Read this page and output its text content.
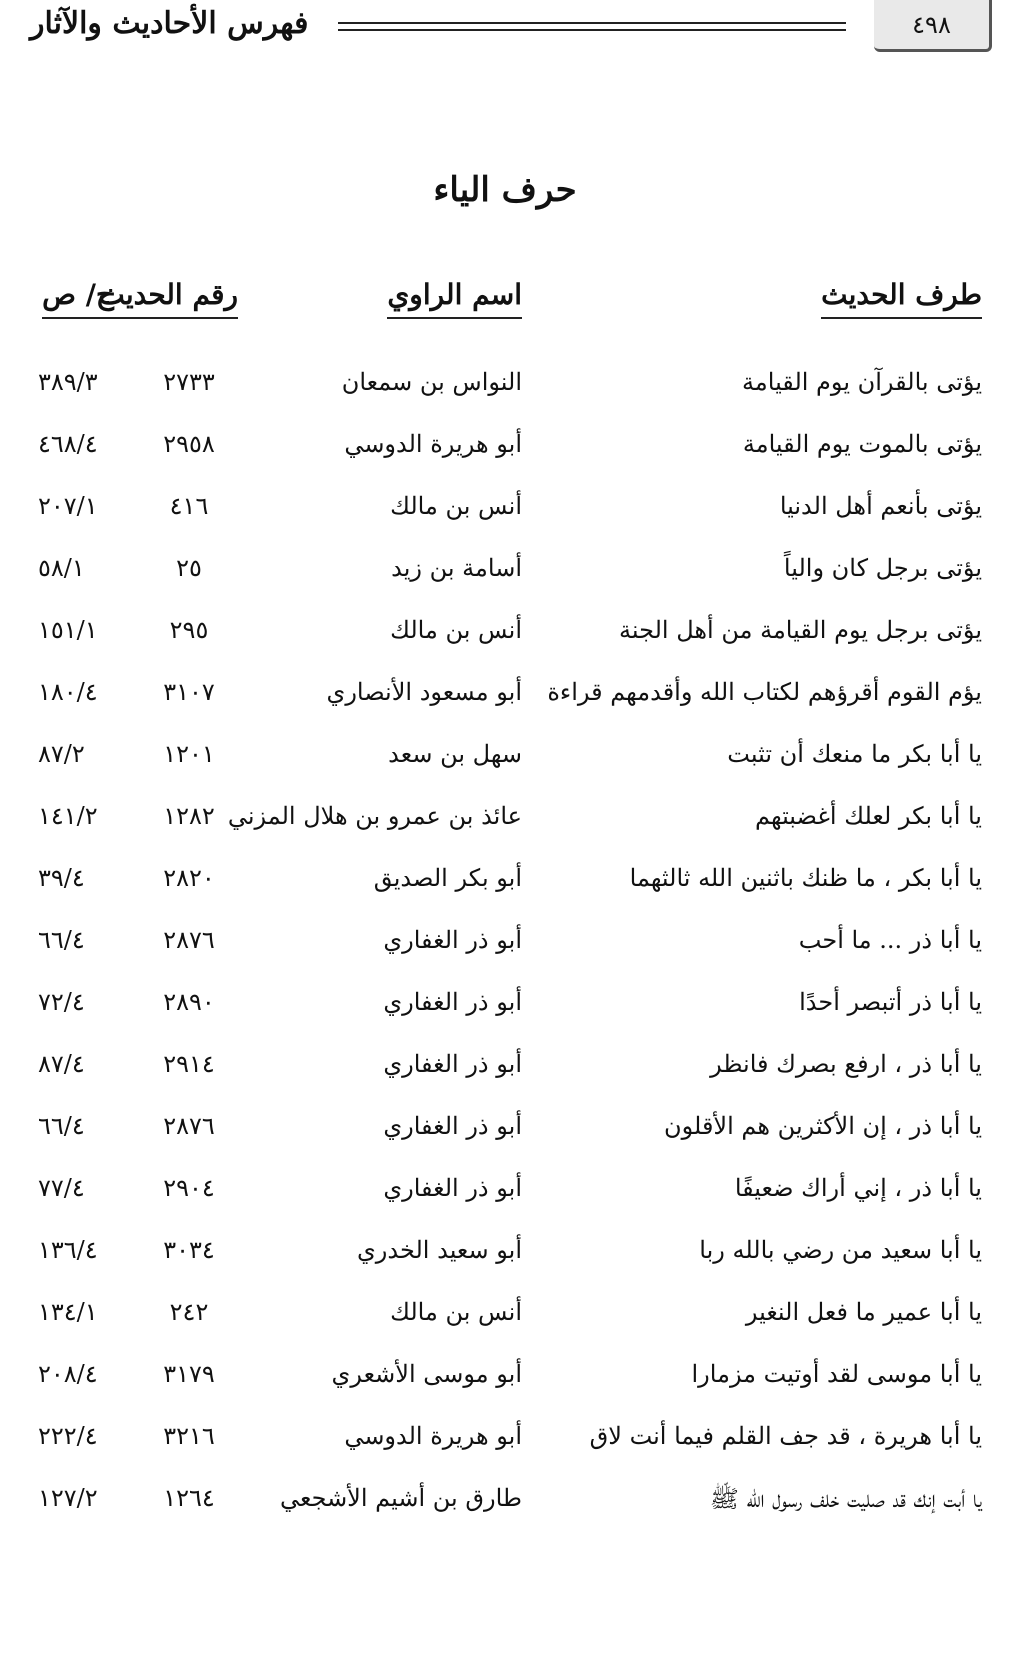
٤٩٨
فهرس الأحاديث والآثار
حرف الياء
طرف الحديث
اسم الراوي
رقم الحديث
ج/ ص
يؤتى بالقرآن يوم القيامة
النواس بن سمعان
٢٧٣٣
٣٨٩/٣
يؤتى بالموت يوم القيامة
أبو هريرة الدوسي
٢٩٥٨
٤٦٨/٤
يؤتى بأنعم أهل الدنيا
أنس بن مالك
٤١٦
٢٠٧/١
يؤتى برجل كان والياً
أسامة بن زيد
٢٥
٥٨/١
يؤتى برجل يوم القيامة من أهل الجنة
أنس بن مالك
٢٩٥
١٥١/١
يؤم القوم أقرؤهم لكتاب الله وأقدمهم قراءة
أبو مسعود الأنصاري
٣١٠٧
١٨٠/٤
يا أبا بكر ما منعك أن تثبت
سهل بن سعد
١٢٠١
٨٧/٢
يا أبا بكر لعلك أغضبتهم
عائذ بن عمرو بن هلال المزني
١٢٨٢
١٤١/٢
يا أبا بكر ، ما ظنك باثنين الله ثالثهما
أبو بكر الصديق
٢٨٢٠
٣٩/٤
يا أبا ذر ... ما أحب
أبو ذر الغفاري
٢٨٧٦
٦٦/٤
يا أبا ذر أتبصر أحدًا
أبو ذر الغفاري
٢٨٩٠
٧٢/٤
يا أبا ذر ، ارفع بصرك فانظر
أبو ذر الغفاري
٢٩١٤
٨٧/٤
يا أبا ذر ، إن الأكثرين هم الأقلون
أبو ذر الغفاري
٢٨٧٦
٦٦/٤
يا أبا ذر ، إني أراك ضعيفًا
أبو ذر الغفاري
٢٩٠٤
٧٧/٤
يا أبا سعيد من رضي بالله ربا
أبو سعيد الخدري
٣٠٣٤
١٣٦/٤
يا أبا عمير ما فعل النغير
أنس بن مالك
٢٤٢
١٣٤/١
يا أبا موسى لقد أوتيت مزمارا
أبو موسى الأشعري
٣١٧٩
٢٠٨/٤
يا أبا هريرة ، قد جف القلم فيما أنت لاق
أبو هريرة الدوسي
٣٢١٦
٢٢٢/٤
يا أبت إنك قد صليت خلف رسول الله ﷺ
طارق بن أشيم الأشجعي
١٢٦٤
١٢٧/٢
